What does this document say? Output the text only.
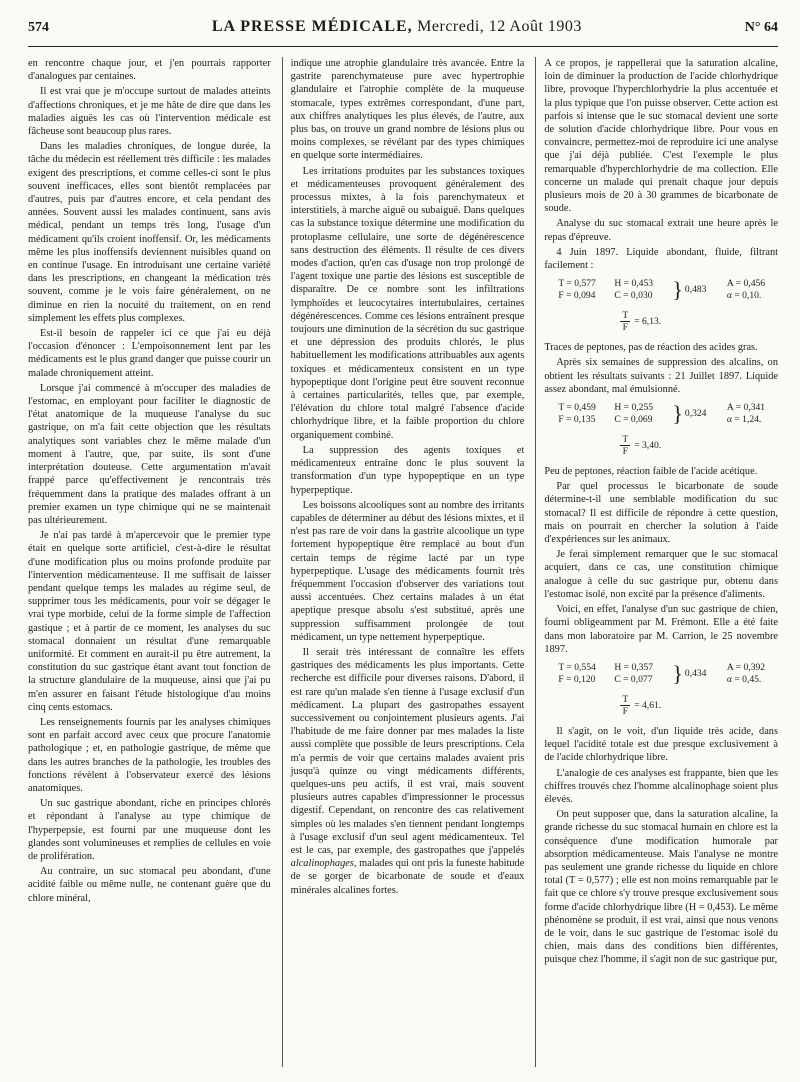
574	LA PRESSE MÉDICALE, Mercredi, 12 Août 1903	N° 64

en rencontre chaque jour, et j'en pourrais rapporter d'analogues par centaines.

Il est vrai que je m'occupe surtout de malades atteints d'affections chroniques, et je me hâte de dire que dans les maladies aiguës les cas où l'intervention médicale est fâcheuse sont beaucoup plus rares.

Dans les maladies chroniques, de longue durée, la tâche du médecin est réellement très difficile : les malades exigent des prescriptions, et comme celles-ci sont le plus souvent inefficaces, elles sont bientôt remplacées par d'autres, puis par d'autres encore, et cela pendant des années. Souvent aussi les malades continuent, sans avis médical, pendant un temps très long, l'usage d'un médicament qu'ils croient inoffensif. Or, les médicaments même les plus inoffensifs deviennent nuisibles quand on en continue l'usage. En introduisant une certaine variété dans les prescriptions, en changeant la médication très souvent, comme je le vois faire généralement, on ne diminue en rien la nocuité du traitement, on en rend simplement les effets plus complexes.

Est-il besoin de rappeler ici ce que j'ai eu déjà l'occasion d'énoncer : L'empoisonnement lent par les médicaments est le plus grand danger que puisse courir un malade chroniquement atteint.

Lorsque j'ai commencé à m'occuper des maladies de l'estomac, en employant pour faciliter le diagnostic de l'état anatomique de la muqueuse l'analyse du suc gastrique, on m'a fait cette objection que les résultats analytiques sont variables chez le même malade d'un moment à l'autre, que, par suite, ils sont d'une interprétation douteuse. Cette argumentation m'avait frappé parce qu'effectivement je rencontrais très fréquemment dans la pratique des malades offrant à un premier examen un type chimique qui ne se maintenait pas ultérieurement.

Je n'ai pas tardé à m'apercevoir que le premier type était en quelque sorte artificiel, c'est-à-dire le résultat d'une modification plus ou moins profonde produite par l'intervention médicamenteuse. Il me suffisait de laisser pendant quelque temps les malades au régime seul, de supprimer tous les médicaments, pour voir se dégager le vrai type morbide, celui de la forme simple de l'affection gastique ; et à partir de ce moment, les analyses du suc stomacal donnaient un résultat d'une remarquable uniformité. Et comment en aurait-il pu être autrement, la constitution du suc gastrique étant avant tout fonction de la structure glandulaire de la muqueuse, ainsi que j'ai pu m'en assurer en faisant l'étude histologique d'au moins cinq cents estomacs.

Les renseignements fournis par les analyses chimiques sont en parfait accord avec ceux que procure l'anatomie pathologique ; et, en pathologie gastrique, de même que dans les autres branches de la pathologie, les troubles des fonctions révèlent à l'observateur exercé des lésions anatomiques.

Un suc gastrique abondant, riche en principes chlorés et répondant à l'analyse au type chimique de l'hyperpepsie, est fourni par une muqueuse dont les glandes sont volumineuses et remplies de cellules en voie de prolifération.

Au contraire, un suc stomacal peu abondant, d'une acidité faible ou même nulle, ne contenant guère que du chlore minéral,

indique une atrophie glandulaire très avancée. Entre la gastrite parenchymateuse pure avec hypertrophie glandulaire et l'atrophie complète de la muqueuse stomacale, types extrêmes correspondant, d'une part, aux chiffres analytiques les plus élevés, de l'autre, aux plus bas, on trouve un grand nombre de lésions plus ou moins complexes, se révélant par des types chimiques en quelque sorte intermédiaires.

Les irritations produites par les substances toxiques et médicamenteuses provoquent généralement des processus mixtes, à la fois parenchymateux et interstitiels, à marche aiguë ou subaiguë. Dans quelques cas la substance toxique détermine une modification du protoplasme cellulaire, une sorte de dégénérescence sans destruction des éléments. Il résulte de ces divers modes d'action, qu'en cas d'usage non trop prolongé de l'agent toxique une partie des lésions est susceptible de disparaître. De ce nombre sont les infiltrations lymphoïdes et leucocytaires intertubulaires, certaines dégénérescences. Comme ces lésions entraînent presque toujours une diminution de la sécrétion du suc gastrique et une dépression des produits chlorés, le plus habituellement les modifications attribuables aux agents toxiques et médicamenteux consistent en un type hypopeptique dont l'origine peut être souvent reconnue à certaines particularités, telles que, par exemple, l'élévation du chlore total malgré l'absence d'acide chlorhydrique libre, et la faible proportion du chlore organiquement combiné.

La suppression des agents toxiques et médicamenteux entraîne donc le plus souvent la transformation d'un type hypopeptique en un type hyperpeptique.

Les boissons alcooliques sont au nombre des irritants capables de déterminer au début des lésions mixtes, et il n'est pas rare de voir dans la gastrite alcoolique un type fortement hypopeptique être remplacé au bout d'un certain temps de régime lacté par un type hyperpeptique. L'usage des médicaments fournit très fréquemment l'occasion d'observer des variations tout aussi accentuées. Chez certains malades à un état apeptique presque absolu s'est substitué, après une suppression suffisamment prolongée de tout médicament, un type nettement hyperpeptique.

Il serait très intéressant de connaître les effets gastriques des médicaments les plus importants. Cette recherche est difficile pour diverses raisons. D'abord, il est rare qu'un malade s'en tienne à l'usage exclusif d'un médicament. La plupart des gastropathes essayent successivement ou conjointement plusieurs agents. J'ai l'habitude de me faire donner par mes malades la liste aussi complète que possible de leurs prescriptions. Cela m'a permis de voir que certains malades avaient pris jusqu'à quinze ou vingt médicaments différents, quelques-uns peu actifs, il est vrai, mais souvent plusieurs autres capables d'impressionner le processus digestif. Cependant, on rencontre des cas relativement simples où les malades s'en tiennent pendant longtemps à l'usage exclusif d'un seul agent médicamenteux. Tel est le cas, par exemple, des gastropathes que j'appelés alcalinophages, malades qui ont pris la funeste habitude de se gorger de bicarbonate de soude et d'eaux minérales alcalines fortes.

A ce propos, je rappellerai que la saturation alcaline, loin de diminuer la production de l'acide chlorhydrique libre, provoque l'hyperchlorhydrie la plus accentuée et la plus typique que l'on puisse observer. Cette action est parfois si intense que le suc stomacal devient une sorte de solution d'acide chlorhydrique libre. Pour vous en convaincre, permettez-moi de reproduire ici une analyse que j'ai déjà publiée. C'est l'exemple le plus remarquable d'hyperchlorhydrie de ma collection. Elle concerne un malade qui prenait chaque jour depuis plusieurs mois de 20 à 30 grammes de bicarbonate de soude.

Analyse du suc stomacal extrait une heure après le repas d'épreuve.

4 Juin 1897. Liquide abondant, fluide, filtrant facilement :

T = 0,577
F = 0,094
H = 0,453
C = 0,030 } 0,483
A = 0,456
α = 0,10.
$\frac{T}{F} = 6,13$.

Traces de peptones, pas de réaction des acides gras.

Après six semaines de suppression des alcalins, on obtient les résultats suivants : 21 Juillet 1897. Liquide assez abondant, mal émulsionné.

T = 0,459
F = 0,135
H = 0,255
C = 0,069 } 0,324
A = 0,341
α = 1,24.
$\frac{T}{F} = 3,40$.

Peu de peptones, réaction faible de l'acide acétique.

Par quel processus le bicarbonate de soude détermine-t-il une semblable modification du suc stomacal? Il est difficile de répondre à cette question, mais on pourrait en chercher la solution à l'aide d'expériences sur les animaux.

Je ferai simplement remarquer que le suc stomacal acquiert, dans ce cas, une constitution chimique analogue à celle du suc gastrique pur, obtenu dans l'estomac isolé, non excité par la présence d'aliments.

Voici, en effet, l'analyse d'un suc gastrique de chien, fourni obligeamment par M. Frémont. Elle a été faite dans mon laboratoire par M. Carrion, le 25 novembre 1897.

T = 0,554
F = 0,120
H = 0,357
C = 0,077 } 0,434
A = 0,392
α = 0,45.
$\frac{T}{F} = 4,61$.

Il s'agit, on le voit, d'un liquide très acide, dans lequel l'acidité totale est due presque exclusivement à de l'acide chlorhydrique libre.

L'analogie de ces analyses est frappante, bien que les chiffres trouvés chez l'homme alcalinophage soient plus élevés.

On peut supposer que, dans la saturation alcaline, la grande richesse du suc stomacal humain en chlore est la conséquence d'une modification humorale par absorption médicamenteuse. Mais l'analyse ne montre pas seulement une grande richesse du liquide en chlore total (T = 0,577) ; elle est non moins remarquable par le fait que ce chlore s'y trouve presque exclusivement sous forme d'acide chlorhydrique libre (H = 0,453). Le même phénomène se produit, il est vrai, ainsi que nous venons de le voir, dans le suc gastrique de l'estomac isolé du chien, mais dans des conditions bien différentes, puisque chez l'homme, il s'agit non de suc gastrique pur,
